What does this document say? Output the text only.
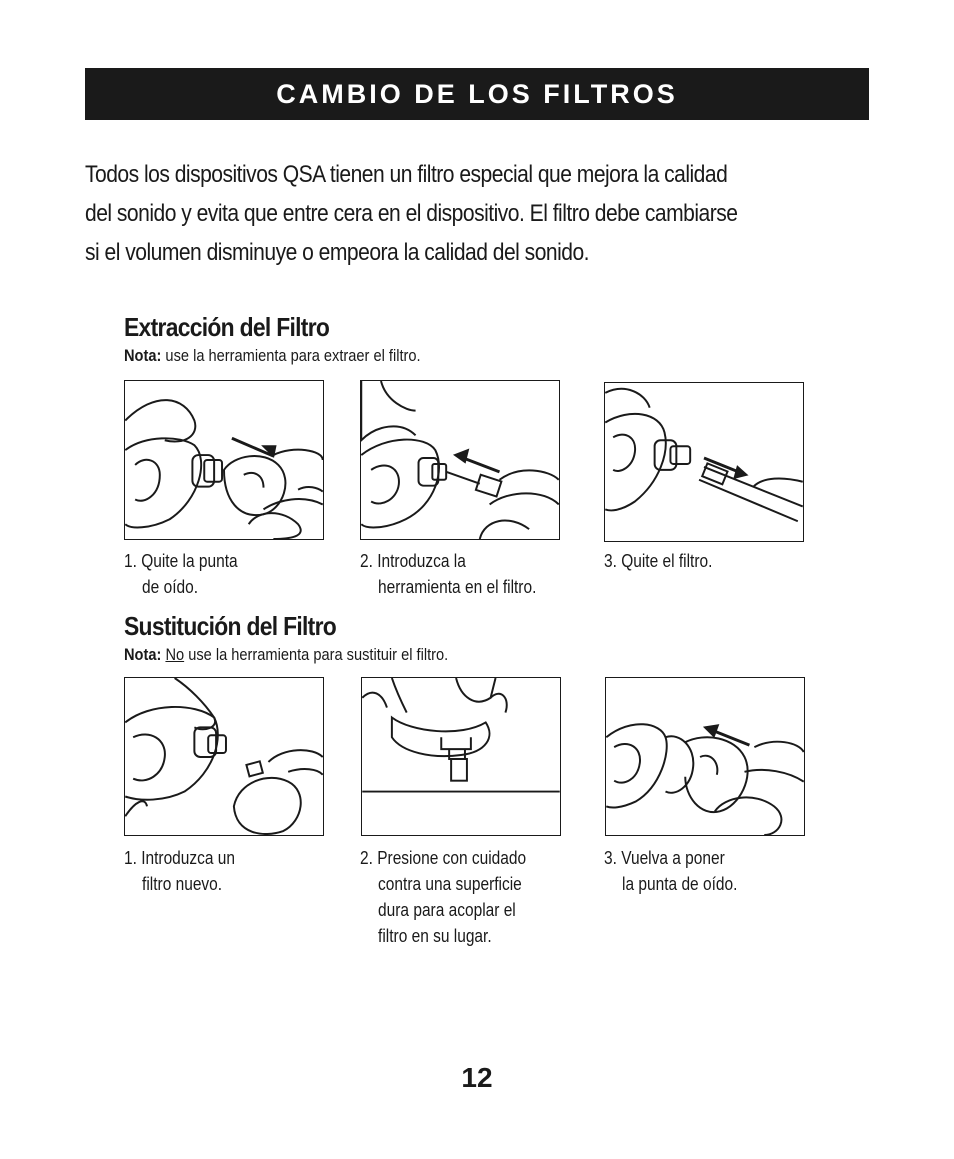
CAMBIO DE LOS FILTROS
Todos los dispositivos QSA tienen un filtro especial que mejora la calidad
del sonido y evita que entre cera en el dispositivo. El filtro debe cambiarse
si el volumen disminuye o empeora la calidad del sonido.
Extracción del Filtro
Nota: use la herramienta para extraer el filtro.
1. Quite la punta
de oído.
2. Introduzca la
herramienta en el filtro.
3. Quite el filtro.
Sustitución del Filtro
Nota: No use la herramienta para sustituir el filtro.
1. Introduzca un
filtro nuevo.
2. Presione con cuidado
contra una superficie
dura para acoplar el
filtro en su lugar.
3. Vuelva a poner
la punta de oído.
12
